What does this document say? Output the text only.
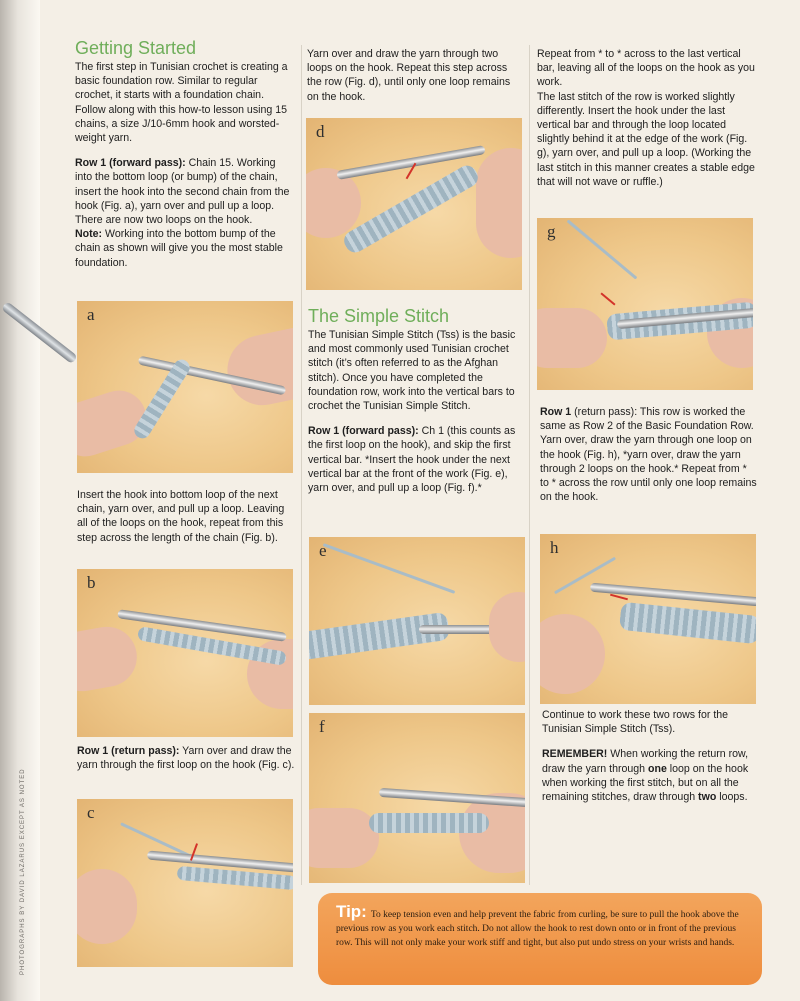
PHOTOGRAPHS BY DAVID LAZARUS EXCEPT AS NOTED
Getting Started

The first step in Tunisian crochet is creating a basic foundation row. Similar to regular crochet, it starts with a foundation chain. Follow along with this how-to lesson using 15 chains, a size J/10-6mm hook and worsted-weight yarn.

Row 1 (forward pass): Chain 15. Working into the bottom loop (or bump) of the chain, insert the hook into the second chain from the hook (Fig. a), yarn over and pull up a loop. There are now two loops on the hook.
Note: Working into the bottom bump of the chain as shown will give you the most stable foundation.

a

Insert the hook into bottom loop of the next chain, yarn over, and pull up a loop. Leaving all of the loops on the hook, repeat from this step across the length of the chain (Fig. b).

b

Row 1 (return pass): Yarn over and draw the yarn through the first loop on the hook (Fig. c).

c

Yarn over and draw the yarn through two loops on the hook. Repeat this step across the row (Fig. d), until only one loop remains on the hook.

d
The Simple Stitch

The Tunisian Simple Stitch (Tss) is the basic and most commonly used Tunisian crochet stitch (it’s often referred to as the Afghan stitch). Once you have completed the foundation row, work into the vertical bars to crochet the Tunisian Simple Stitch.

Row 1 (forward pass): Ch 1 (this counts as the first loop on the hook), and skip the first vertical bar. *Insert the hook under the next vertical bar at the front of the work (Fig. e), yarn over, and pull up a loop (Fig. f).*

e
f

Repeat from * to * across to the last vertical bar, leaving all of the loops on the hook as you work.

The last stitch of the row is worked slightly differently. Insert the hook under the last vertical bar and through the loop located slightly behind it at the edge of the work (Fig. g), yarn over, and pull up a loop. (Working the last stitch in this manner creates a stable edge that will not wave or ruffle.)

g

Row 1 (return pass): This row is worked the same as Row 2 of the Basic Foundation Row. Yarn over, draw the yarn through one loop on the hook (Fig. h), *yarn over, draw the yarn through 2 loops on the hook.* Repeat from * to * across the row until only one loop remains on the hook.

h

Continue to work these two rows for the Tunisian Simple Stitch (Tss).

REMEMBER! When working the return row, draw the yarn through one loop on the hook when working the first stitch, but on all the remaining stitches, draw through two loops.

Tip: To keep tension even and help prevent the fabric from curling, be sure to pull the hook above the previous row as you work each stitch. Do not allow the hook to rest down onto or in front of the previous row. This will not only make your work stiff and tight, but also put undo stress on your wrists and hands.
